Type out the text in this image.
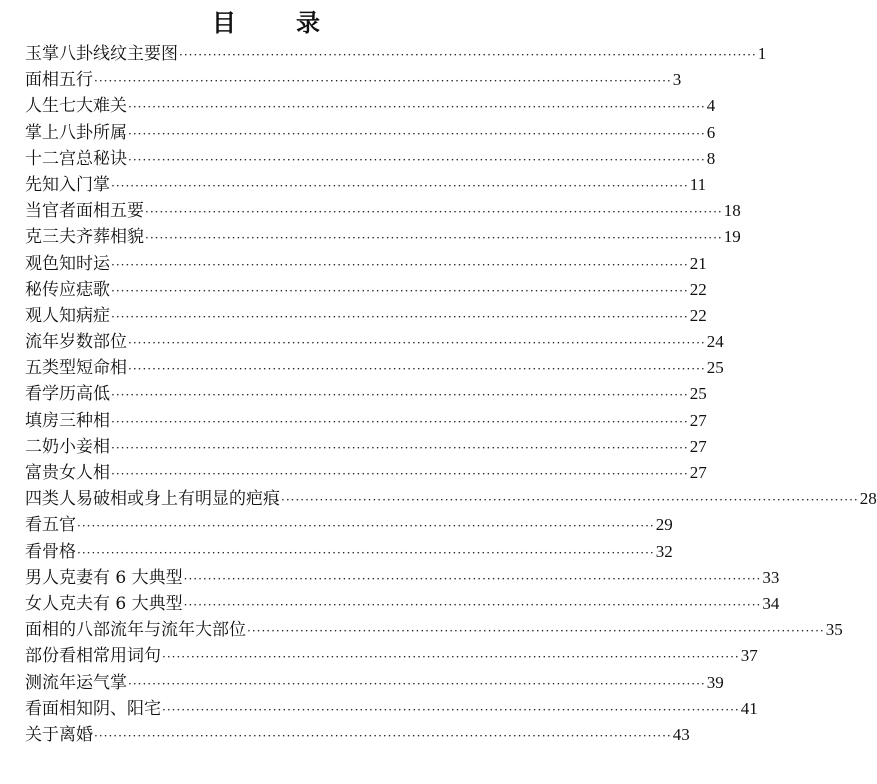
目　录
玉掌八卦线纹主要图 ························································································································ 1
面相五行 ························································································································ 3
人生七大难关 ························································································································ 4
掌上八卦所属 ························································································································ 6
十二宫总秘诀 ························································································································ 8
先知入门掌 ························································································································ 11
当官者面相五要 ························································································································ 18
克三夫齐葬相貌 ························································································································ 19
观色知时运 ························································································································ 21
秘传应痣歌 ························································································································ 22
观人知病症 ························································································································ 22
流年岁数部位 ························································································································ 24
五类型短命相 ························································································································ 25
看学历高低 ························································································································ 25
填房三种相 ························································································································ 27
二奶小妾相 ························································································································ 27
富贵女人相 ························································································································ 27
四类人易破相或身上有明显的疤痕 ························································································································ 28
看五官 ························································································································ 29
看骨格 ························································································································ 32
男人克妻有 6 大典型 ························································································································ 33
女人克夫有 6 大典型 ························································································································ 34
面相的八部流年与流年大部位 ························································································································ 35
部份看相常用词句 ························································································································ 37
测流年运气掌 ························································································································ 39
看面相知阴、阳宅 ························································································································ 41
关于离婚 ························································································································ 43
